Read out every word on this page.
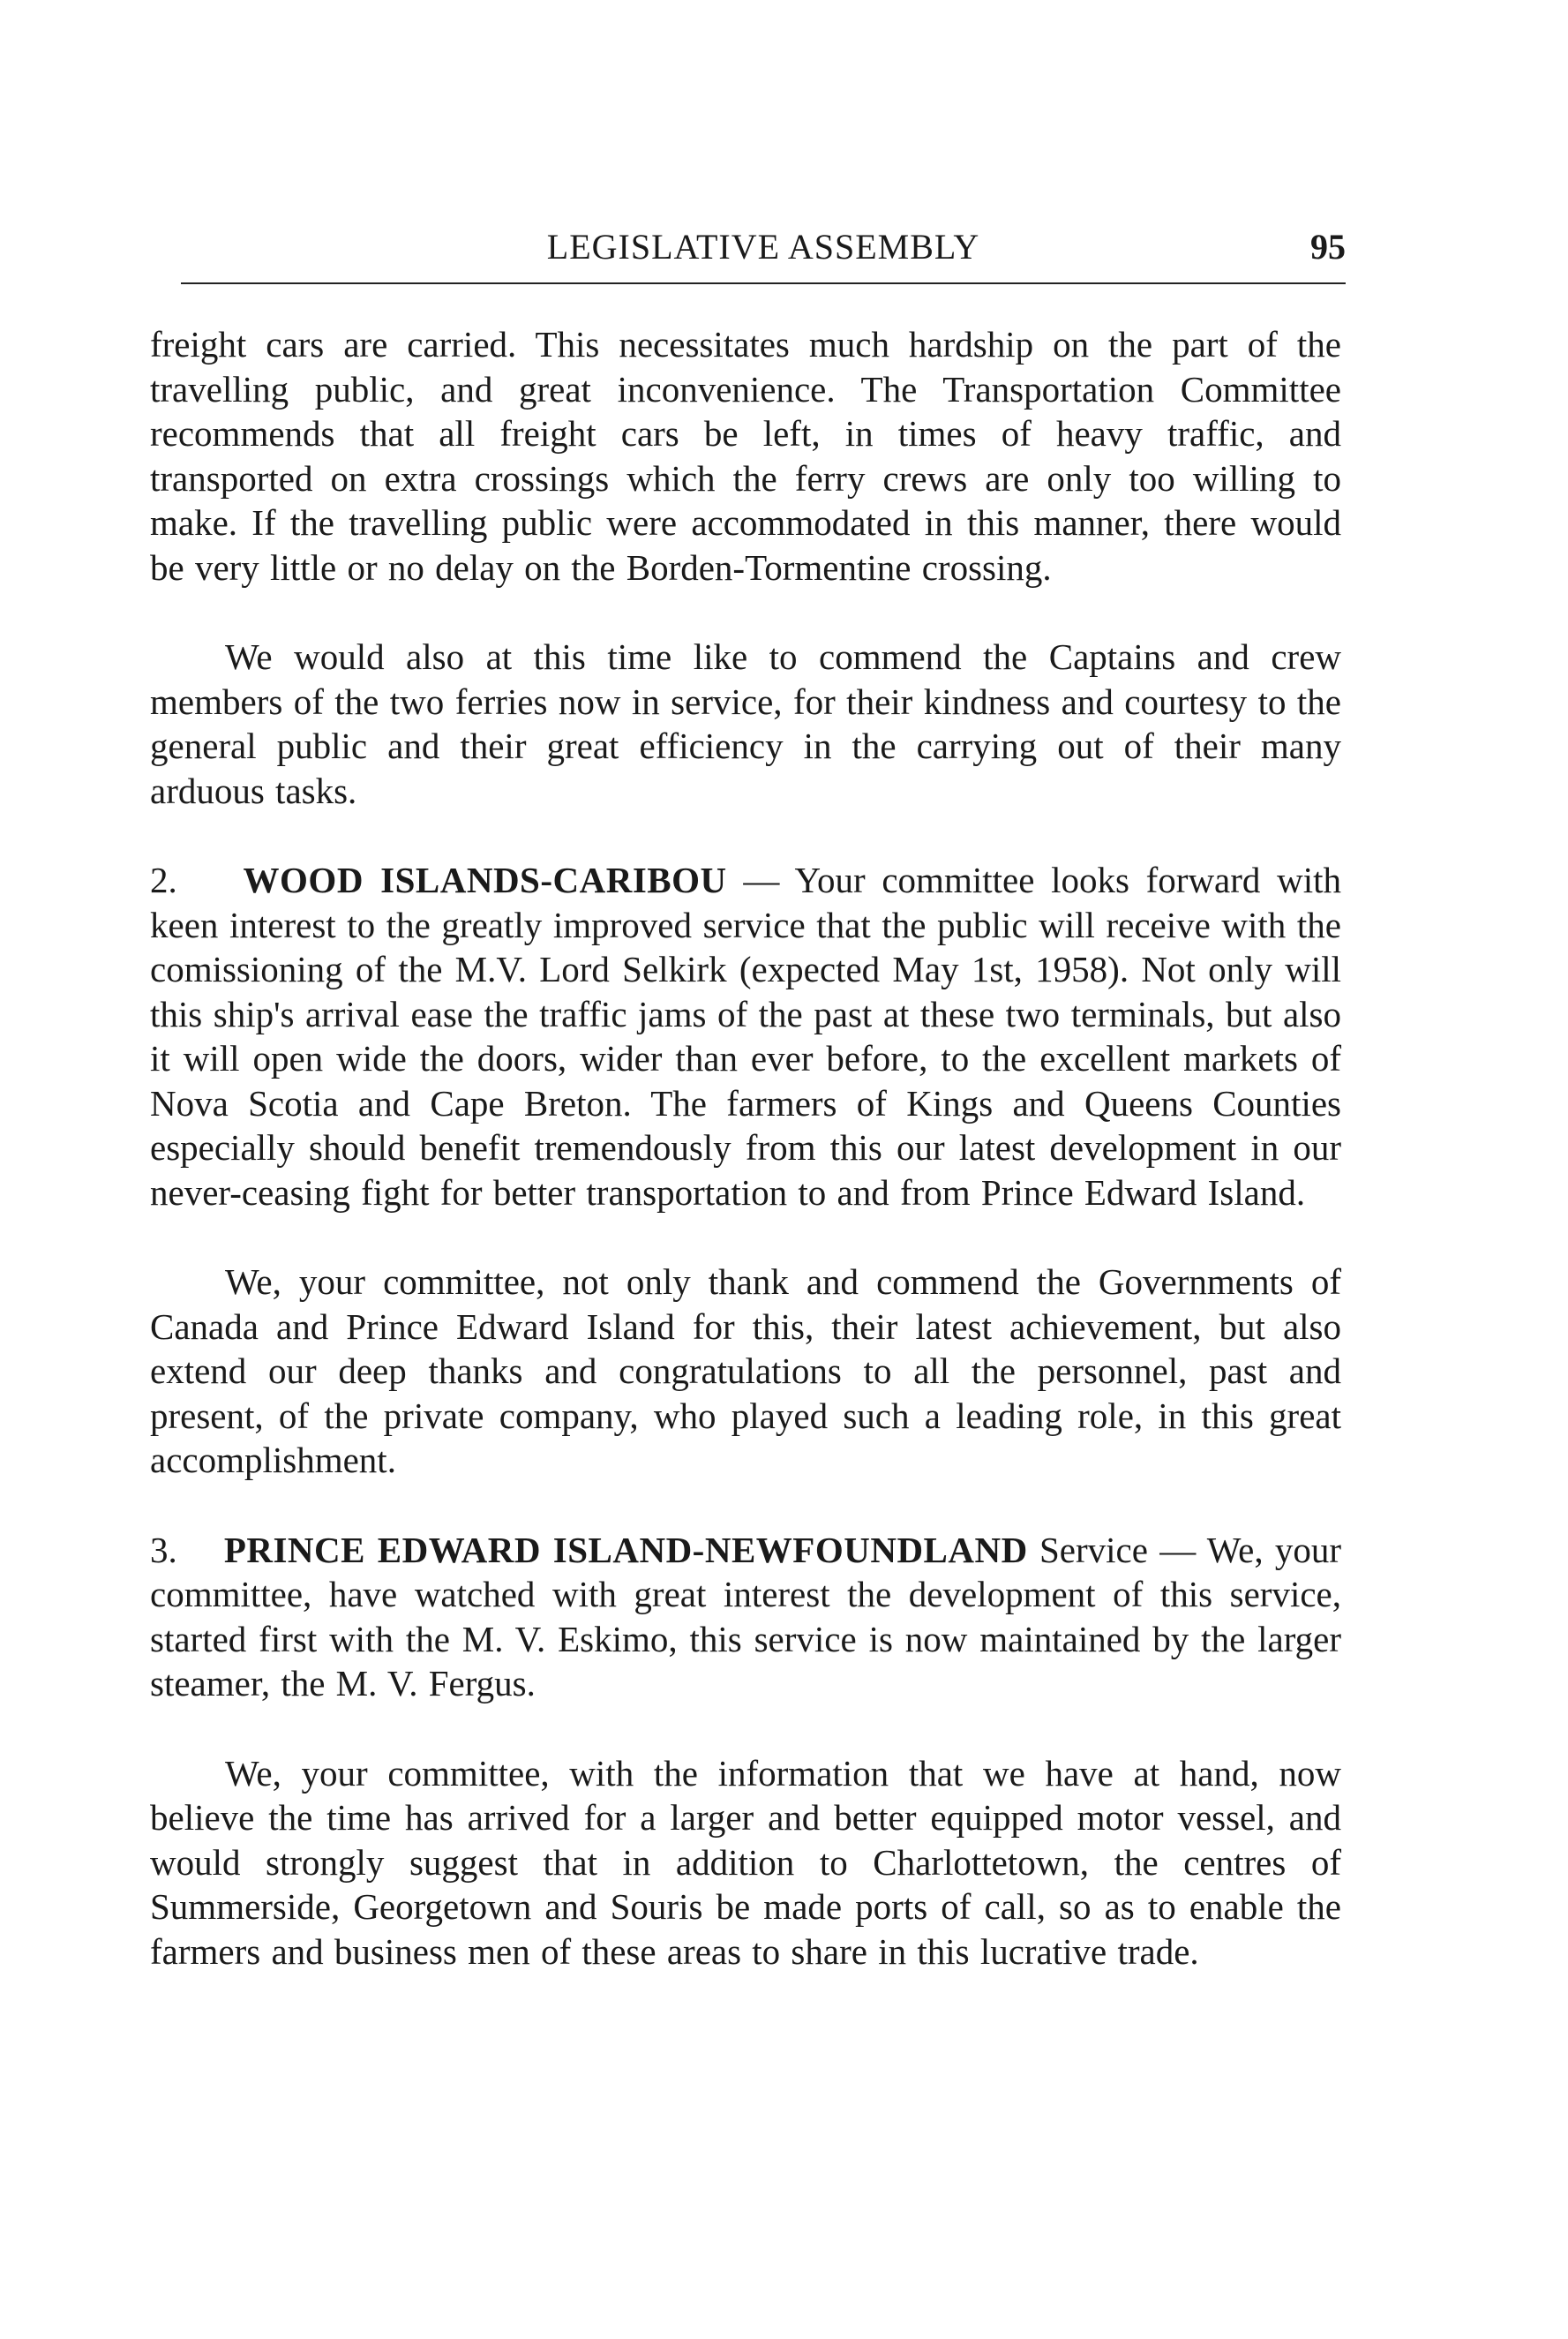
LEGISLATIVE ASSEMBLY	95

freight cars are carried. This necessitates much hardship on the part of the travelling public, and great inconvenience. The Transportation Committee recommends that all freight cars be left, in times of heavy traffic, and transported on extra crossings which the ferry crews are only too willing to make. If the travelling public were accommodated in this manner, there would be very little or no delay on the Borden-Tormentine crossing.

We would also at this time like to commend the Captains and crew members of the two ferries now in service, for their kindness and courtesy to the general public and their great efficiency in the carrying out of their many arduous tasks.

2. WOOD ISLANDS-CARIBOU — Your committee looks forward with keen interest to the greatly improved service that the public will receive with the comissioning of the M.V. Lord Selkirk (expected May 1st, 1958). Not only will this ship's arrival ease the traffic jams of the past at these two terminals, but also it will open wide the doors, wider than ever before, to the excellent markets of Nova Scotia and Cape Breton. The farmers of Kings and Queens Counties especially should benefit tremendously from this our latest development in our never-ceasing fight for better transportation to and from Prince Edward Island.

We, your committee, not only thank and commend the Governments of Canada and Prince Edward Island for this, their latest achievement, but also extend our deep thanks and congratulations to all the personnel, past and present, of the private company, who played such a leading role, in this great accomplishment.

3. PRINCE EDWARD ISLAND-NEWFOUNDLAND Service — We, your committee, have watched with great interest the development of this service, started first with the M. V. Eskimo, this service is now maintained by the larger steamer, the M. V. Fergus.

We, your committee, with the information that we have at hand, now believe the time has arrived for a larger and better equipped motor vessel, and would strongly suggest that in addition to Charlottetown, the centres of Summerside, Georgetown and Souris be made ports of call, so as to enable the farmers and business men of these areas to share in this lucrative trade.
